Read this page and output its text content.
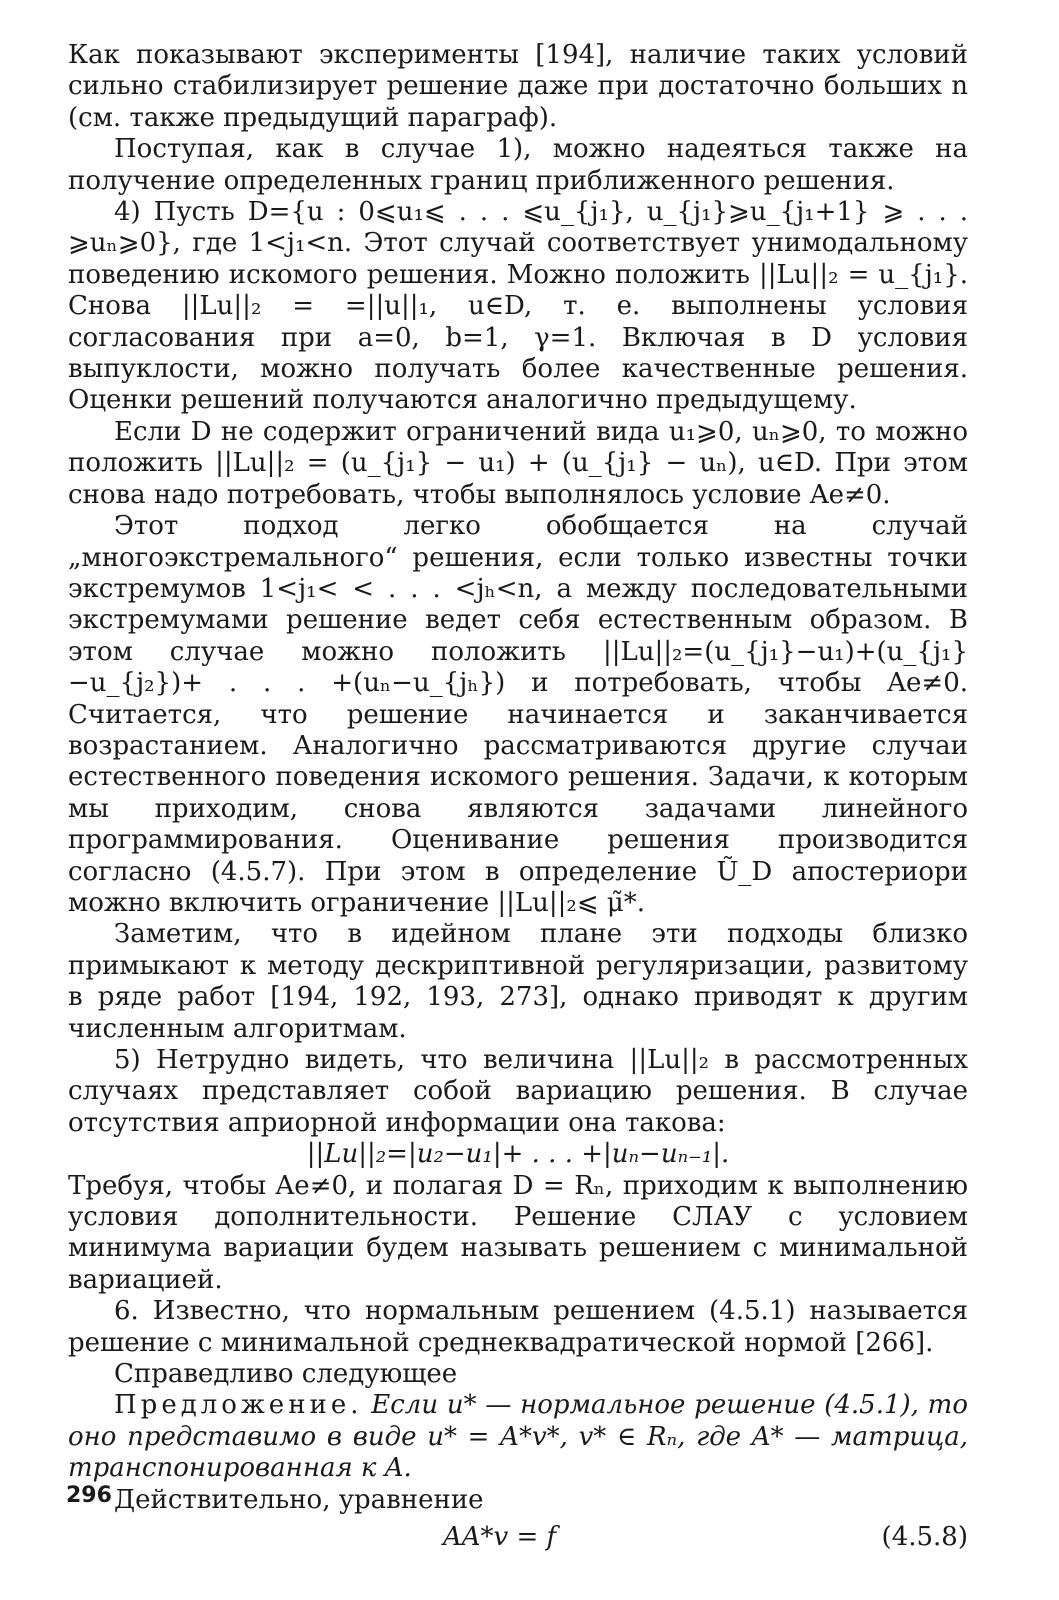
Как показывают эксперименты [194], наличие таких условий сильно стабилизирует решение даже при достаточно больших n (см. также предыдущий параграф).

Поступая, как в случае 1), можно надеяться также на получение определенных границ приближенного решения.

4) Пусть D={u : 0⩽u₁⩽ . . . ⩽u_{j₁}, u_{j₁}⩾u_{j₁+1} ⩾ . . . ⩾uₙ⩾0}, где 1<j₁<n. Этот случай соответствует унимодальному поведению искомого решения. Можно положить ||Lu||₂ = u_{j₁}. Снова ||Lu||₂ = =||u||₁, u∈D, т. е. выполнены условия согласования при a=0, b=1, γ=1. Включая в D условия выпуклости, можно получать более качественные решения. Оценки решений получаются аналогично предыдущему.

Если D не содержит ограничений вида u₁⩾0, uₙ⩾0, то можно положить ||Lu||₂ = (u_{j₁} − u₁) + (u_{j₁} − uₙ), u∈D. При этом снова надо потребовать, чтобы выполнялось условие Ae≠0.

Этот подход легко обобщается на случай „многоэкстремального“ решения, если только известны точки экстремумов 1<j₁< < . . . <jₕ<n, а между последовательными экстремумами решение ведет себя естественным образом. В этом случае можно положить ||Lu||₂=(u_{j₁}−u₁)+(u_{j₁}−u_{j₂})+ . . . +(uₙ−u_{jₕ}) и потребовать, чтобы Ae≠0. Считается, что решение начинается и заканчивается возрастанием. Аналогично рассматриваются другие случаи естественного поведения искомого решения. Задачи, к которым мы приходим, снова являются задачами линейного программирования. Оценивание решения производится согласно (4.5.7). При этом в определение Ũ_D апостериори можно включить ограничение ||Lu||₂⩽ μ̃*.

Заметим, что в идейном плане эти подходы близко примыкают к методу дескриптивной регуляризации, развитому в ряде работ [194, 192, 193, 273], однако приводят к другим численным алгоритмам.

5) Нетрудно видеть, что величина ||Lu||₂ в рассмотренных случаях представляет собой вариацию решения. В случае отсутствия априорной информации она такова:

||Lu||₂=|u₂−u₁|+ . . . +|uₙ−uₙ₋₁|.

Требуя, чтобы Ae≠0, и полагая D = Rₙ, приходим к выполнению условия дополнительности. Решение СЛАУ с условием минимума вариации будем называть решением с минимальной вариацией.

6. Известно, что нормальным решением (4.5.1) называется решение с минимальной среднеквадратической нормой [266].

Справедливо следующее

Предложение. Если u* — нормальное решение (4.5.1), то оно представимо в виде u* = A*v*, v* ∈ Rₙ, где A* — матрица, транспонированная к A.

Действительно, уравнение

AA*v = f	(4.5.8)
296
